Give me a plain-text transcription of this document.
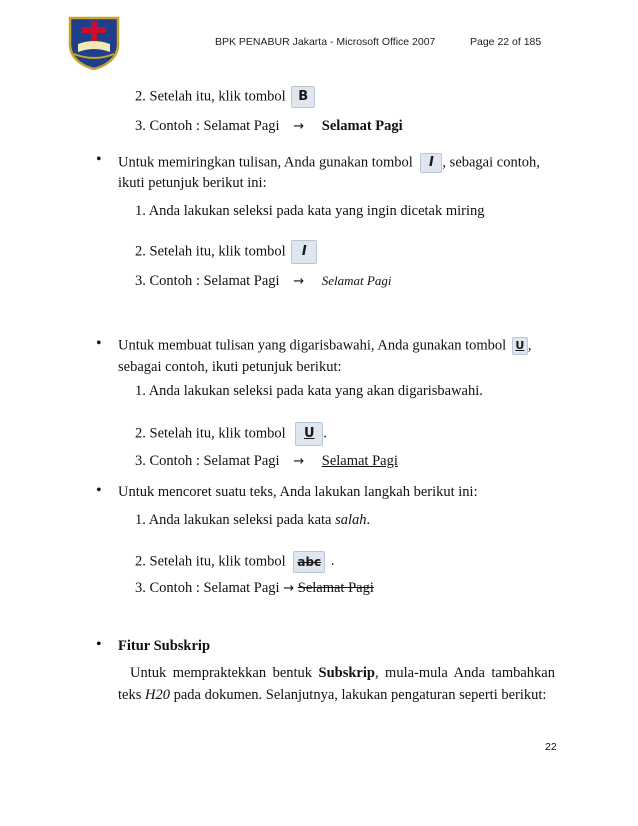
BPK PENABUR Jakarta - Microsoft Office 2007	Page 22 of 185
2. Setelah itu, klik tombol B
3. Contoh : Selamat Pagi → Selamat Pagi
• Untuk memiringkan tulisan, Anda gunakan tombol I , sebagai contoh,
ikuti petunjuk berikut ini:
1. Anda lakukan seleksi pada kata yang ingin dicetak miring
2. Setelah itu, klik tombol I
3. Contoh : Selamat Pagi → Selamat Pagi
• Untuk membuat tulisan yang digarisbawahi, Anda gunakan tombol U ,
sebagai contoh, ikuti petunjuk berikut:
1. Anda lakukan seleksi pada kata yang akan digarisbawahi.
2. Setelah itu, klik tombol U .
3. Contoh : Selamat Pagi → Selamat Pagi
• Untuk mencoret suatu teks, Anda lakukan langkah berikut ini:
1. Anda lakukan seleksi pada kata salah.
2. Setelah itu, klik tombol abc .
3. Contoh : Selamat Pagi → Selamat Pagi
• Fitur Subskrip
Untuk mempraktekkan bentuk Subskrip, mula-mula Anda tambahkan teks H20 pada dokumen. Selanjutnya, lakukan pengaturan seperti berikut:
22
